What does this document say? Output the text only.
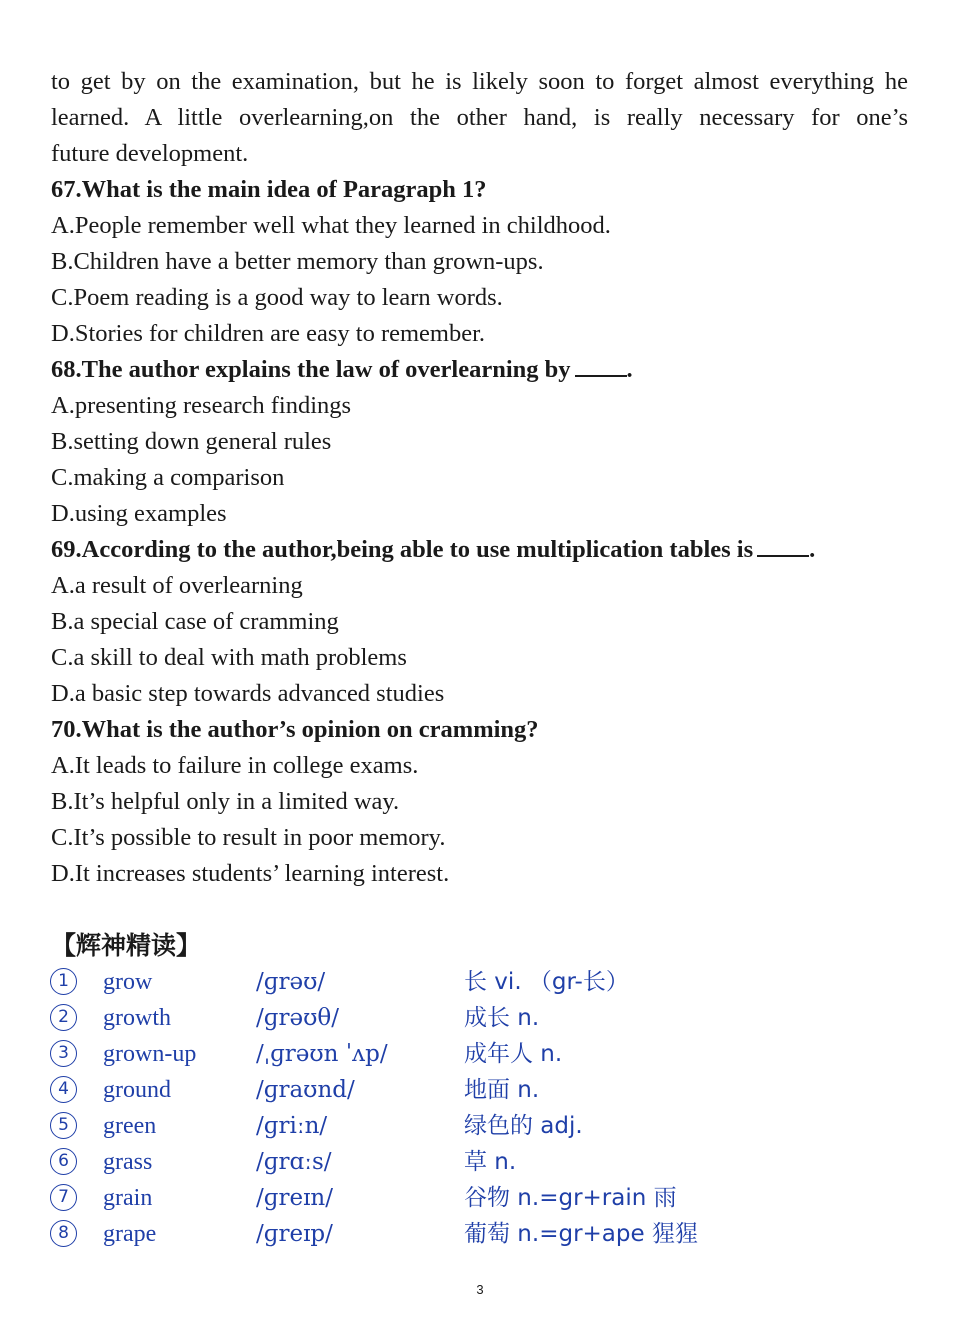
to get by on the examination, but he is likely soon to forget almost everything he
learned. A little overlearning,on the other hand, is really necessary for one’s
future development.
67.What is the main idea of Paragraph 1?
A.People remember well what they learned in childhood.
B.Children have a better memory than grown-ups.
C.Poem reading is a good way to learn words.
D.Stories for children are easy to remember.
68.The author explains the law of overlearning by .
A.presenting research findings
B.setting down general rules
C.making a comparison
D.using examples
69.According to the author,being able to use multiplication tables is .
A.a result of overlearning
B.a special case of cramming
C.a skill to deal with math problems
D.a basic step towards advanced studies
70.What is the author’s opinion on cramming?
A.It leads to failure in college exams.
B.It’s helpful only in a limited way.
C.It’s possible to result in poor memory.
D.It increases students’ learning interest.
【辉神精读】
1	grow	/ɡrəʊ/	长 vi. （gr-长）
2	growth	/ɡrəʊθ/	成长 n.
3	grown-up	/ˌɡrəʊn ˈʌp/	成年人 n.
4	ground	/ɡraʊnd/	地面 n.
5	green	/ɡriːn/	绿色的 adj.
6	grass	/ɡrɑːs/	草 n.
7	grain	/ɡreɪn/	谷物 n.=gr+rain 雨
8	grape	/ɡreɪp/	葡萄 n.=gr+ape 猩猩
3
